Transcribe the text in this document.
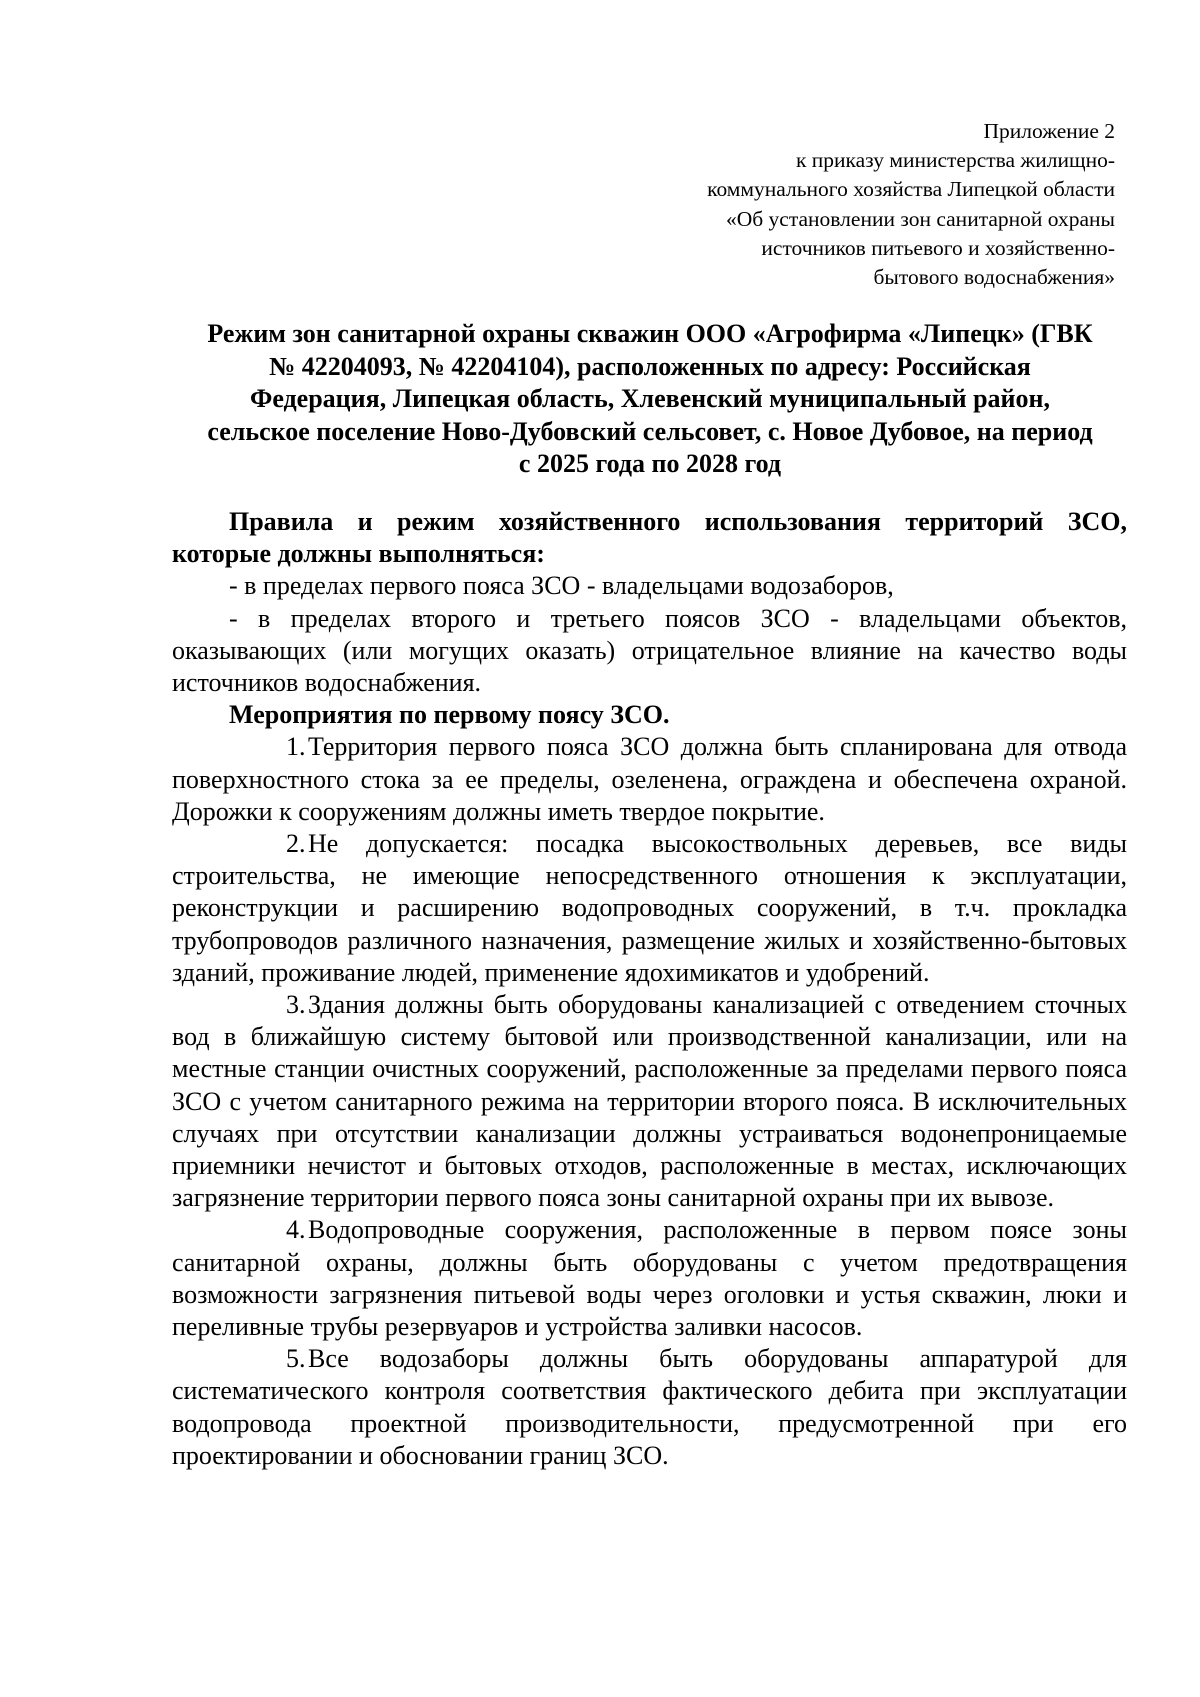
Приложение 2
к приказу министерства жилищно-
коммунального хозяйства Липецкой области
«Об установлении зон санитарной охраны
источников питьевого и хозяйственно-
бытового водоснабжения»
Режим зон санитарной охраны скважин ООО «Агрофирма «Липецк» (ГВК
№ 42204093, № 42204104), расположенных по адресу: Российская
Федерация, Липецкая область, Хлевенский муниципальный район,
сельское поселение Ново-Дубовский сельсовет, с. Новое Дубовое, на период
с 2025 года по 2028 год
Правила и режим хозяйственного использования территорий ЗСО,
которые должны выполняться:
- в пределах первого пояса ЗСО - владельцами водозаборов,
- в пределах второго и третьего поясов ЗСО - владельцами объектов, оказывающих (или могущих оказать) отрицательное влияние на качество воды источников водоснабжения.
Мероприятия по первому поясу ЗСО.
1.Территория первого пояса ЗСО должна быть спланирована для отвода поверхностного стока за ее пределы, озеленена, ограждена и обеспечена охраной. Дорожки к сооружениям должны иметь твердое покрытие.
2.Не допускается: посадка высокоствольных деревьев, все виды строительства, не имеющие непосредственного отношения к эксплуатации, реконструкции и расширению водопроводных сооружений, в т.ч. прокладка трубопроводов различного назначения, размещение жилых и хозяйственно-бытовых зданий, проживание людей, применение ядохимикатов и удобрений.
3.Здания должны быть оборудованы канализацией с отведением сточных вод в ближайшую систему бытовой или производственной канализации, или на местные станции очистных сооружений, расположенные за пределами первого пояса ЗСО с учетом санитарного режима на территории второго пояса. В исключительных случаях при отсутствии канализации должны устраиваться водонепроницаемые приемники нечистот и бытовых отходов, расположенные в местах, исключающих загрязнение территории первого пояса зоны санитарной охраны при их вывозе.
4.Водопроводные сооружения, расположенные в первом поясе зоны санитарной охраны, должны быть оборудованы с учетом предотвращения возможности загрязнения питьевой воды через оголовки и устья скважин, люки и переливные трубы резервуаров и устройства заливки насосов.
5.Все водозаборы должны быть оборудованы аппаратурой для систематического контроля соответствия фактического дебита при эксплуатации водопровода проектной производительности, предусмотренной при его проектировании и обосновании границ ЗСО.
